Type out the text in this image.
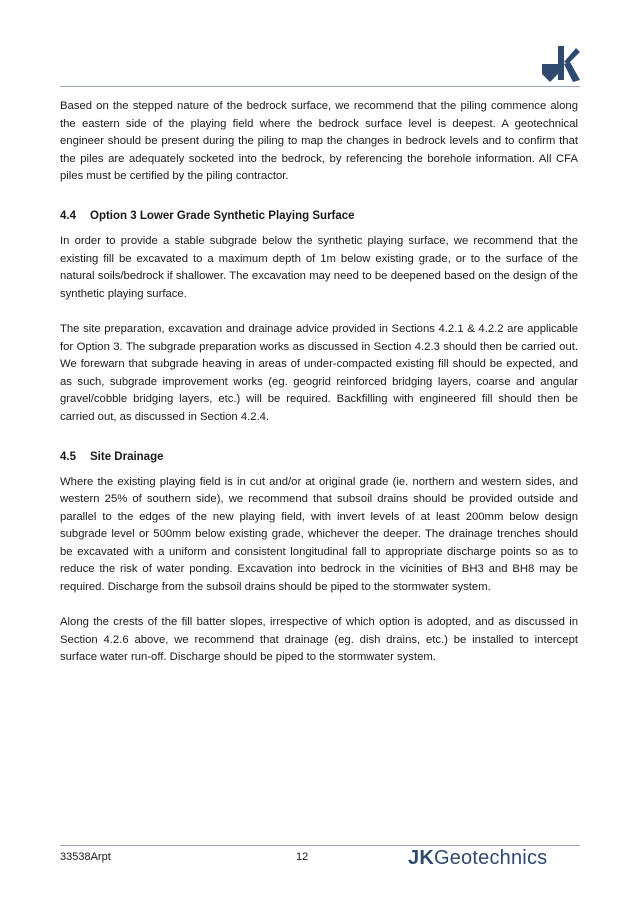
Based on the stepped nature of the bedrock surface, we recommend that the piling commence along the eastern side of the playing field where the bedrock surface level is deepest. A geotechnical engineer should be present during the piling to map the changes in bedrock levels and to confirm that the piles are adequately socketed into the bedrock, by referencing the borehole information. All CFA piles must be certified by the piling contractor.

4.4 Option 3 Lower Grade Synthetic Playing Surface

In order to provide a stable subgrade below the synthetic playing surface, we recommend that the existing fill be excavated to a maximum depth of 1m below existing grade, or to the surface of the natural soils/bedrock if shallower. The excavation may need to be deepened based on the design of the synthetic playing surface.

The site preparation, excavation and drainage advice provided in Sections 4.2.1 & 4.2.2 are applicable for Option 3. The subgrade preparation works as discussed in Section 4.2.3 should then be carried out. We forewarn that subgrade heaving in areas of under-compacted existing fill should be expected, and as such, subgrade improvement works (eg. geogrid reinforced bridging layers, coarse and angular gravel/cobble bridging layers, etc.) will be required. Backfilling with engineered fill should then be carried out, as discussed in Section 4.2.4.

4.5 Site Drainage

Where the existing playing field is in cut and/or at original grade (ie. northern and western sides, and western 25% of southern side), we recommend that subsoil drains should be provided outside and parallel to the edges of the new playing field, with invert levels of at least 200mm below design subgrade level or 500mm below existing grade, whichever the deeper. The drainage trenches should be excavated with a uniform and consistent longitudinal fall to appropriate discharge points so as to reduce the risk of water ponding. Excavation into bedrock in the vicinities of BH3 and BH8 may be required. Discharge from the subsoil drains should be piped to the stormwater system.

Along the crests of the fill batter slopes, irrespective of which option is adopted, and as discussed in Section 4.2.6 above, we recommend that drainage (eg. dish drains, etc.) be installed to intercept surface water run-off. Discharge should be piped to the stormwater system.

33538Arpt	12	JKGeotechnics
